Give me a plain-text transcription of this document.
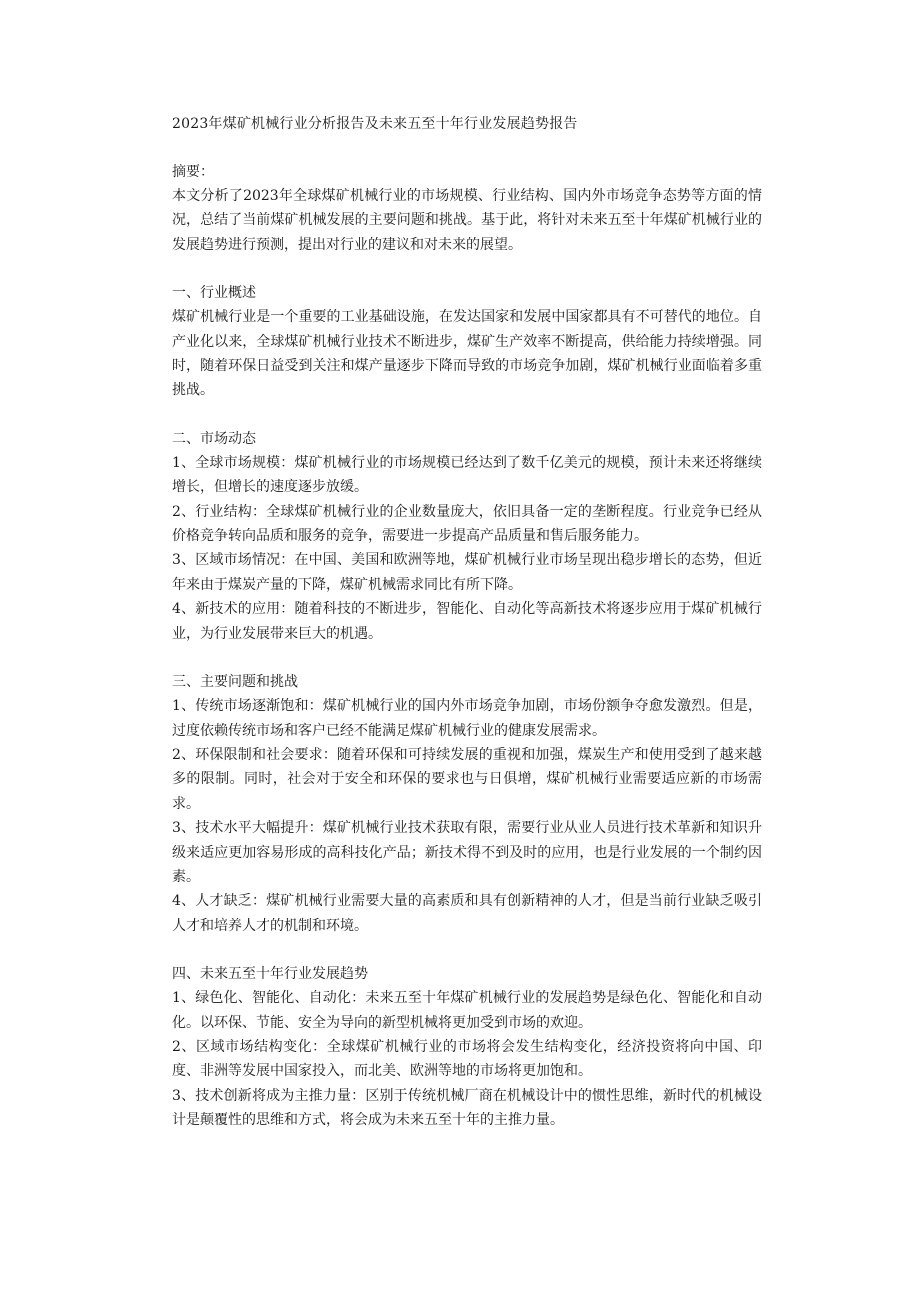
2023年煤矿机械行业分析报告及未来五至十年行业发展趋势报告
摘要：
本文分析了2023年全球煤矿机械行业的市场规模、行业结构、国内外市场竞争态势等方面的情况，总结了当前煤矿机械发展的主要问题和挑战。基于此，将针对未来五至十年煤矿机械行业的发展趋势进行预测，提出对行业的建议和对未来的展望。
一、行业概述
煤矿机械行业是一个重要的工业基础设施，在发达国家和发展中国家都具有不可替代的地位。自产业化以来，全球煤矿机械行业技术不断进步，煤矿生产效率不断提高，供给能力持续增强。同时，随着环保日益受到关注和煤产量逐步下降而导致的市场竞争加剧，煤矿机械行业面临着多重挑战。
二、市场动态
1、全球市场规模：煤矿机械行业的市场规模已经达到了数千亿美元的规模，预计未来还将继续增长，但增长的速度逐步放缓。
2、行业结构：全球煤矿机械行业的企业数量庞大，依旧具备一定的垄断程度。行业竞争已经从价格竞争转向品质和服务的竞争，需要进一步提高产品质量和售后服务能力。
3、区域市场情况：在中国、美国和欧洲等地，煤矿机械行业市场呈现出稳步增长的态势，但近年来由于煤炭产量的下降，煤矿机械需求同比有所下降。
4、新技术的应用：随着科技的不断进步，智能化、自动化等高新技术将逐步应用于煤矿机械行业，为行业发展带来巨大的机遇。
三、主要问题和挑战
1、传统市场逐渐饱和：煤矿机械行业的国内外市场竞争加剧，市场份额争夺愈发激烈。但是，过度依赖传统市场和客户已经不能满足煤矿机械行业的健康发展需求。
2、环保限制和社会要求：随着环保和可持续发展的重视和加强，煤炭生产和使用受到了越来越多的限制。同时，社会对于安全和环保的要求也与日俱增，煤矿机械行业需要适应新的市场需求。
3、技术水平大幅提升：煤矿机械行业技术获取有限，需要行业从业人员进行技术革新和知识升级来适应更加容易形成的高科技化产品；新技术得不到及时的应用，也是行业发展的一个制约因素。
4、人才缺乏：煤矿机械行业需要大量的高素质和具有创新精神的人才，但是当前行业缺乏吸引人才和培养人才的机制和环境。
四、未来五至十年行业发展趋势
1、绿色化、智能化、自动化：未来五至十年煤矿机械行业的发展趋势是绿色化、智能化和自动化。以环保、节能、安全为导向的新型机械将更加受到市场的欢迎。
2、区域市场结构变化：全球煤矿机械行业的市场将会发生结构变化，经济投资将向中国、印度、非洲等发展中国家投入，而北美、欧洲等地的市场将更加饱和。
3、技术创新将成为主推力量：区别于传统机械厂商在机械设计中的惯性思维，新时代的机械设计是颠覆性的思维和方式，将会成为未来五至十年的主推力量。
